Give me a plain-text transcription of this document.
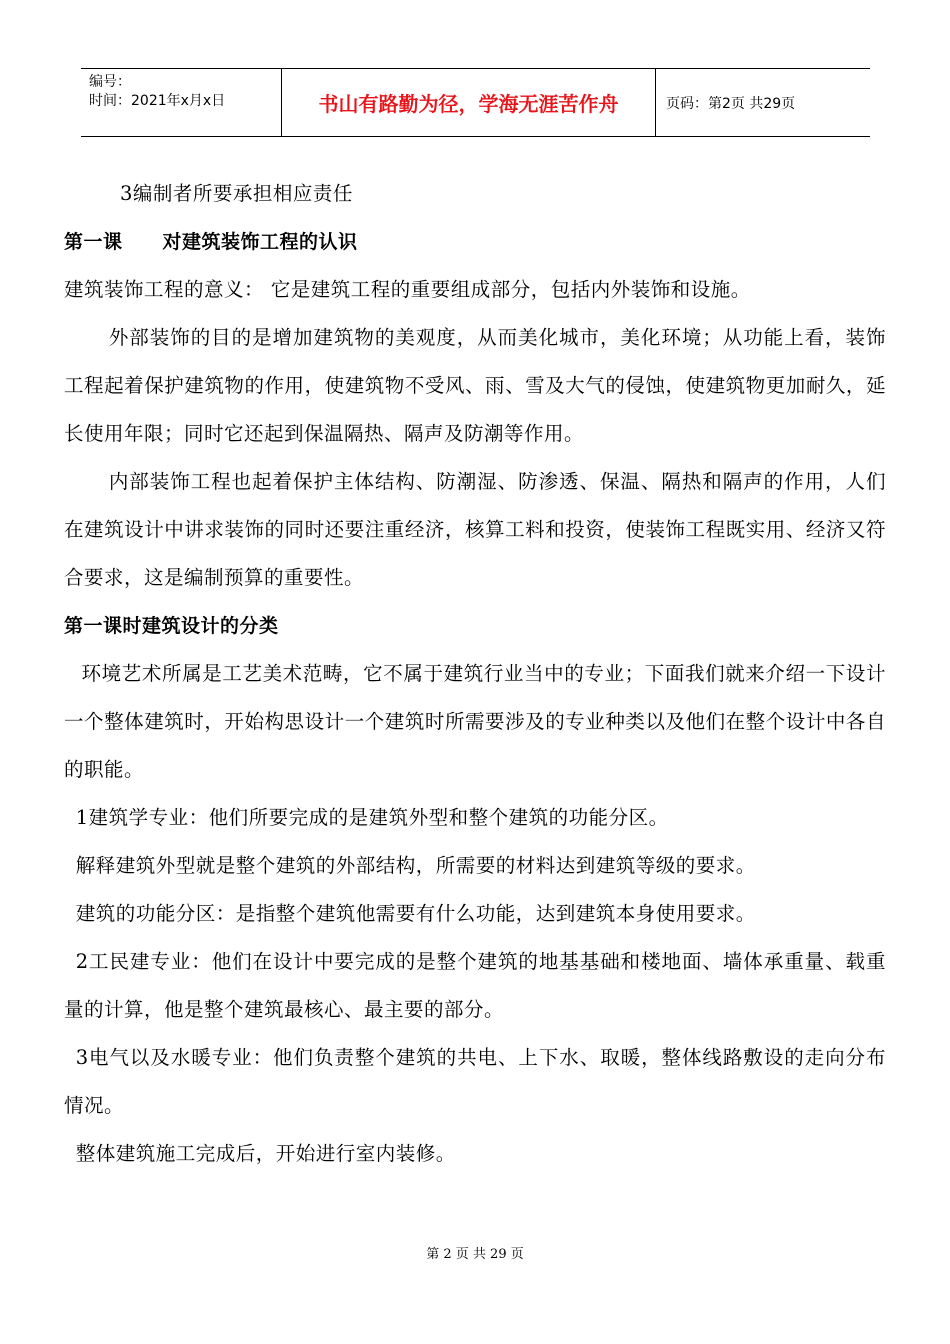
编号：
时间：2021年x月x日	书山有路勤为径，学海无涯苦作舟	页码：第2页 共29页

3编制者所要承担相应责任

第一课 对建筑装饰工程的认识

建筑装饰工程的意义： 它是建筑工程的重要组成部分，包括内外装饰和设施。

外部装饰的目的是增加建筑物的美观度，从而美化城市，美化环境；从功能上看，装饰工程起着保护建筑物的作用，使建筑物不受风、雨、雪及大气的侵蚀，使建筑物更加耐久，延长使用年限；同时它还起到保温隔热、隔声及防潮等作用。

内部装饰工程也起着保护主体结构、防潮湿、防渗透、保温、隔热和隔声的作用，人们在建筑设计中讲求装饰的同时还要注重经济，核算工料和投资，使装饰工程既实用、经济又符合要求，这是编制预算的重要性。

第一课时建筑设计的分类

环境艺术所属是工艺美术范畴，它不属于建筑行业当中的专业；下面我们就来介绍一下设计一个整体建筑时，开始构思设计一个建筑时所需要涉及的专业种类以及他们在整个设计中各自的职能。

1建筑学专业：他们所要完成的是建筑外型和整个建筑的功能分区。

解释建筑外型就是整个建筑的外部结构，所需要的材料达到建筑等级的要求。

建筑的功能分区：是指整个建筑他需要有什么功能，达到建筑本身使用要求。

2工民建专业：他们在设计中要完成的是整个建筑的地基基础和楼地面、墙体承重量、载重量的计算，他是整个建筑最核心、最主要的部分。

3电气以及水暖专业：他们负责整个建筑的共电、上下水、取暖，整体线路敷设的走向分布情况。

整体建筑施工完成后，开始进行室内装修。

第 2 页 共 29 页
